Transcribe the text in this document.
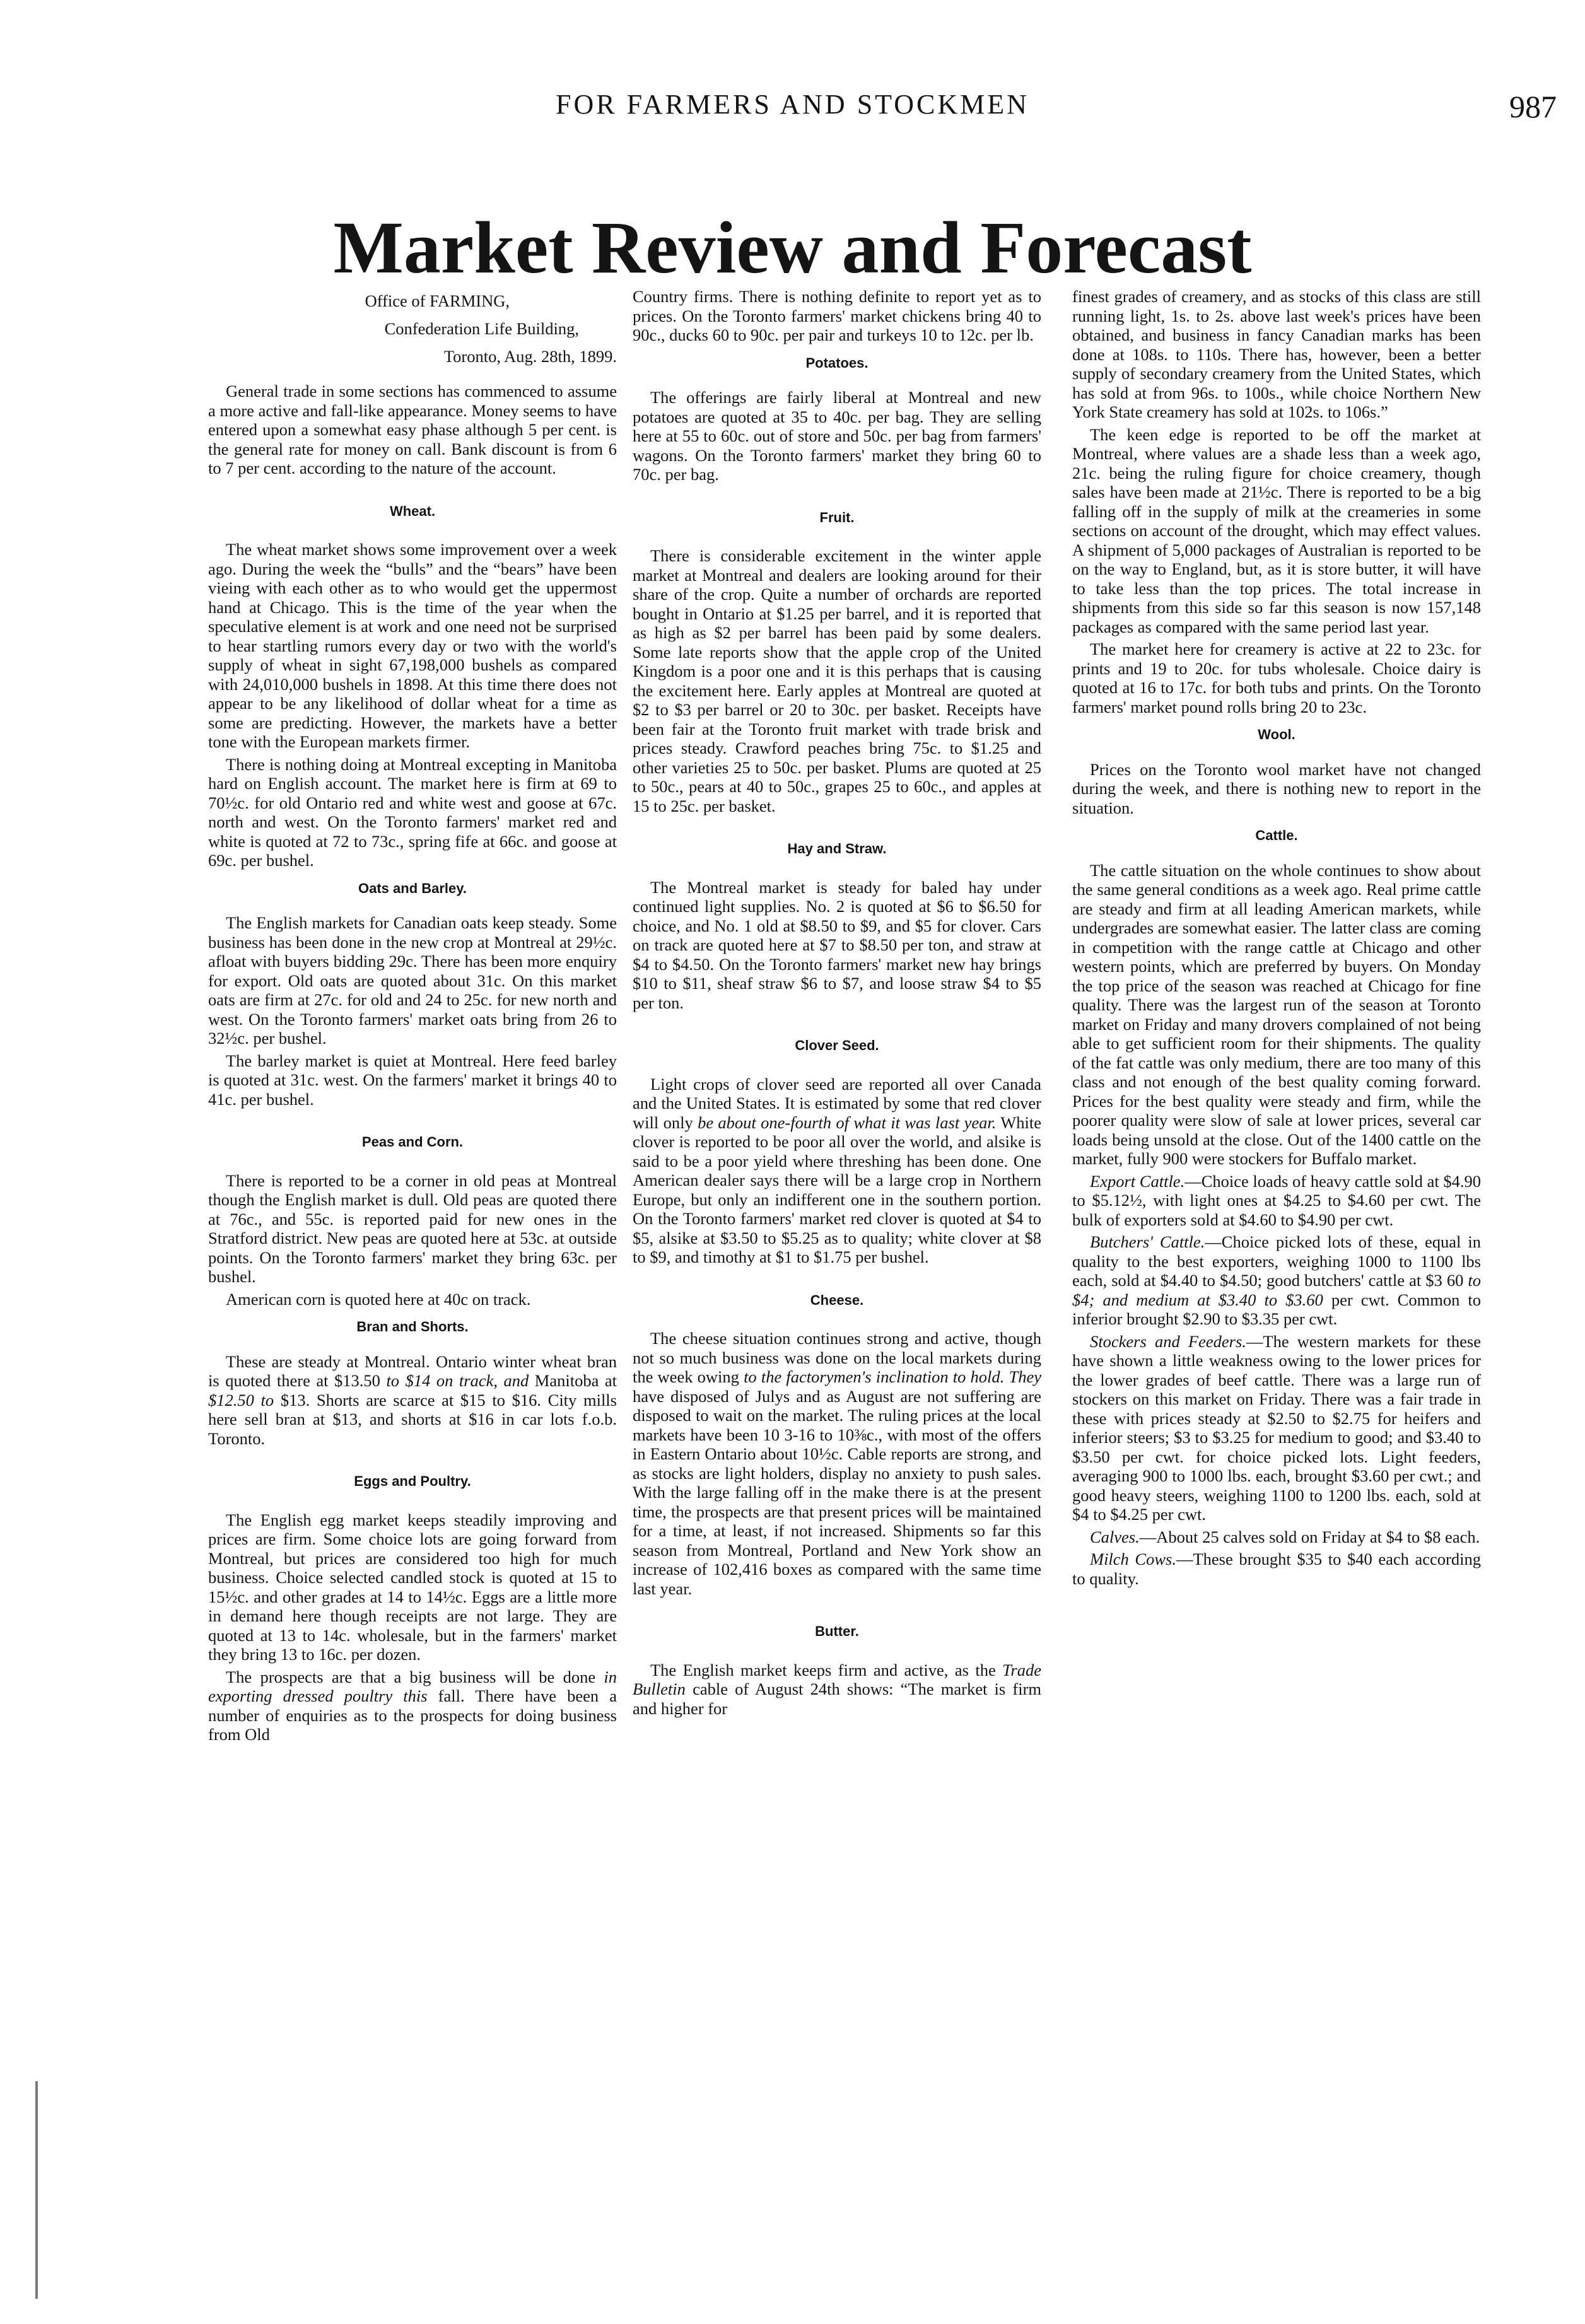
FOR FARMERS AND STOCKMEN	987
Market Review and Forecast
Office of FARMING,
Confederation Life Building,
Toronto, Aug. 28th, 1899.

General trade in some sections has commenced to assume a more active and fall-like appearance. Money seems to have entered upon a somewhat easy phase although 5 per cent. is the general rate for money on call. Bank discount is from 6 to 7 per cent. according to the nature of the account.

Wheat.

The wheat market shows some improvement over a week ago. During the week the “bulls” and the “bears” have been vieing with each other as to who would get the uppermost hand at Chicago. This is the time of the year when the speculative element is at work and one need not be surprised to hear startling rumors every day or two with the world's supply of wheat in sight 67,198,000 bushels as compared with 24,010,000 bushels in 1898. At this time there does not appear to be any likelihood of dollar wheat for a time as some are predicting. However, the markets have a better tone with the European markets firmer.

There is nothing doing at Montreal excepting in Manitoba hard on English account. The market here is firm at 69 to 70½c. for old Ontario red and white west and goose at 67c. north and west. On the Toronto farmers' market red and white is quoted at 72 to 73c., spring fife at 66c. and goose at 69c. per bushel.

Oats and Barley.

The English markets for Canadian oats keep steady. Some business has been done in the new crop at Montreal at 29½c. afloat with buyers bidding 29c. There has been more enquiry for export. Old oats are quoted about 31c. On this market oats are firm at 27c. for old and 24 to 25c. for new north and west. On the Toronto farmers' market oats bring from 26 to 32½c. per bushel.

The barley market is quiet at Montreal. Here feed barley is quoted at 31c. west. On the farmers' market it brings 40 to 41c. per bushel.

Peas and Corn.

There is reported to be a corner in old peas at Montreal though the English market is dull. Old peas are quoted there at 76c., and 55c. is reported paid for new ones in the Stratford district. New peas are quoted here at 53c. at outside points. On the Toronto farmers' market they bring 63c. per bushel.

American corn is quoted here at 40c on track.

Bran and Shorts.

These are steady at Montreal. Ontario winter wheat bran is quoted there at $13.50 to $14 on track, and Manitoba at $12.50 to $13. Shorts are scarce at $15 to $16. City mills here sell bran at $13, and shorts at $16 in car lots f.o.b. Toronto.

Eggs and Poultry.

The English egg market keeps steadily improving and prices are firm. Some choice lots are going forward from Montreal, but prices are considered too high for much business. Choice selected candled stock is quoted at 15 to 15½c. and other grades at 14 to 14½c. Eggs are a little more in demand here though receipts are not large. They are quoted at 13 to 14c. wholesale, but in the farmers' market they bring 13 to 16c. per dozen.

The prospects are that a big business will be done in exporting dressed poultry this fall. There have been a number of enquiries as to the prospects for doing business from Old

Country firms. There is nothing definite to report yet as to prices. On the Toronto farmers' market chickens bring 40 to 90c., ducks 60 to 90c. per pair and turkeys 10 to 12c. per lb.

Potatoes.

The offerings are fairly liberal at Montreal and new potatoes are quoted at 35 to 40c. per bag. They are selling here at 55 to 60c. out of store and 50c. per bag from farmers' wagons. On the Toronto farmers' market they bring 60 to 70c. per bag.

Fruit.

There is considerable excitement in the winter apple market at Montreal and dealers are looking around for their share of the crop. Quite a number of orchards are reported bought in Ontario at $1.25 per barrel, and it is reported that as high as $2 per barrel has been paid by some dealers. Some late reports show that the apple crop of the United Kingdom is a poor one and it is this perhaps that is causing the excitement here. Early apples at Montreal are quoted at $2 to $3 per barrel or 20 to 30c. per basket. Receipts have been fair at the Toronto fruit market with trade brisk and prices steady. Crawford peaches bring 75c. to $1.25 and other varieties 25 to 50c. per basket. Plums are quoted at 25 to 50c., pears at 40 to 50c., grapes 25 to 60c., and apples at 15 to 25c. per basket.

Hay and Straw.

The Montreal market is steady for baled hay under continued light supplies. No. 2 is quoted at $6 to $6.50 for choice, and No. 1 old at $8.50 to $9, and $5 for clover. Cars on track are quoted here at $7 to $8.50 per ton, and straw at $4 to $4.50. On the Toronto farmers' market new hay brings $10 to $11, sheaf straw $6 to $7, and loose straw $4 to $5 per ton.

Clover Seed.

Light crops of clover seed are reported all over Canada and the United States. It is estimated by some that red clover will only be about one-fourth of what it was last year. White clover is reported to be poor all over the world, and alsike is said to be a poor yield where threshing has been done. One American dealer says there will be a large crop in Northern Europe, but only an indifferent one in the southern portion. On the Toronto farmers' market red clover is quoted at $4 to $5, alsike at $3.50 to $5.25 as to quality; white clover at $8 to $9, and timothy at $1 to $1.75 per bushel.

Cheese.

The cheese situation continues strong and active, though not so much business was done on the local markets during the week owing to the factorymen's inclination to hold. They have disposed of Julys and as August are not suffering are disposed to wait on the market. The ruling prices at the local markets have been 10 3-16 to 10⅜c., with most of the offers in Eastern Ontario about 10½c. Cable reports are strong, and as stocks are light holders, display no anxiety to push sales. With the large falling off in the make there is at the present time, the prospects are that present prices will be maintained for a time, at least, if not increased. Shipments so far this season from Montreal, Portland and New York show an increase of 102,416 boxes as compared with the same time last year.

Butter.

The English market keeps firm and active, as the Trade Bulletin cable of August 24th shows: “The market is firm and higher for

finest grades of creamery, and as stocks of this class are still running light, 1s. to 2s. above last week's prices have been obtained, and business in fancy Canadian marks has been done at 108s. to 110s. There has, however, been a better supply of secondary creamery from the United States, which has sold at from 96s. to 100s., while choice Northern New York State creamery has sold at 102s. to 106s.”

The keen edge is reported to be off the market at Montreal, where values are a shade less than a week ago, 21c. being the ruling figure for choice creamery, though sales have been made at 21½c. There is reported to be a big falling off in the supply of milk at the creameries in some sections on account of the drought, which may effect values. A shipment of 5,000 packages of Australian is reported to be on the way to England, but, as it is store butter, it will have to take less than the top prices. The total increase in shipments from this side so far this season is now 157,148 packages as compared with the same period last year.

The market here for creamery is active at 22 to 23c. for prints and 19 to 20c. for tubs wholesale. Choice dairy is quoted at 16 to 17c. for both tubs and prints. On the Toronto farmers' market pound rolls bring 20 to 23c.

Wool.

Prices on the Toronto wool market have not changed during the week, and there is nothing new to report in the situation.

Cattle.

The cattle situation on the whole continues to show about the same general conditions as a week ago. Real prime cattle are steady and firm at all leading American markets, while undergrades are somewhat easier. The latter class are coming in competition with the range cattle at Chicago and other western points, which are preferred by buyers. On Monday the top price of the season was reached at Chicago for fine quality. There was the largest run of the season at Toronto market on Friday and many drovers complained of not being able to get sufficient room for their shipments. The quality of the fat cattle was only medium, there are too many of this class and not enough of the best quality coming forward. Prices for the best quality were steady and firm, while the poorer quality were slow of sale at lower prices, several car loads being unsold at the close. Out of the 1400 cattle on the market, fully 900 were stockers for Buffalo market.

Export Cattle.—Choice loads of heavy cattle sold at $4.90 to $5.12½, with light ones at $4.25 to $4.60 per cwt. The bulk of exporters sold at $4.60 to $4.90 per cwt.

Butchers' Cattle.—Choice picked lots of these, equal in quality to the best exporters, weighing 1000 to 1100 lbs each, sold at $4.40 to $4.50; good butchers' cattle at $3 60 to $4; and medium at $3.40 to $3.60 per cwt. Common to inferior brought $2.90 to $3.35 per cwt.

Stockers and Feeders.—The western markets for these have shown a little weakness owing to the lower prices for the lower grades of beef cattle. There was a large run of stockers on this market on Friday. There was a fair trade in these with prices steady at $2.50 to $2.75 for heifers and inferior steers; $3 to $3.25 for medium to good; and $3.40 to $3.50 per cwt. for choice picked lots. Light feeders, averaging 900 to 1000 lbs. each, brought $3.60 per cwt.; and good heavy steers, weighing 1100 to 1200 lbs. each, sold at $4 to $4.25 per cwt.

Calves.—About 25 calves sold on Friday at $4 to $8 each.

Milch Cows.—These brought $35 to $40 each according to quality.
